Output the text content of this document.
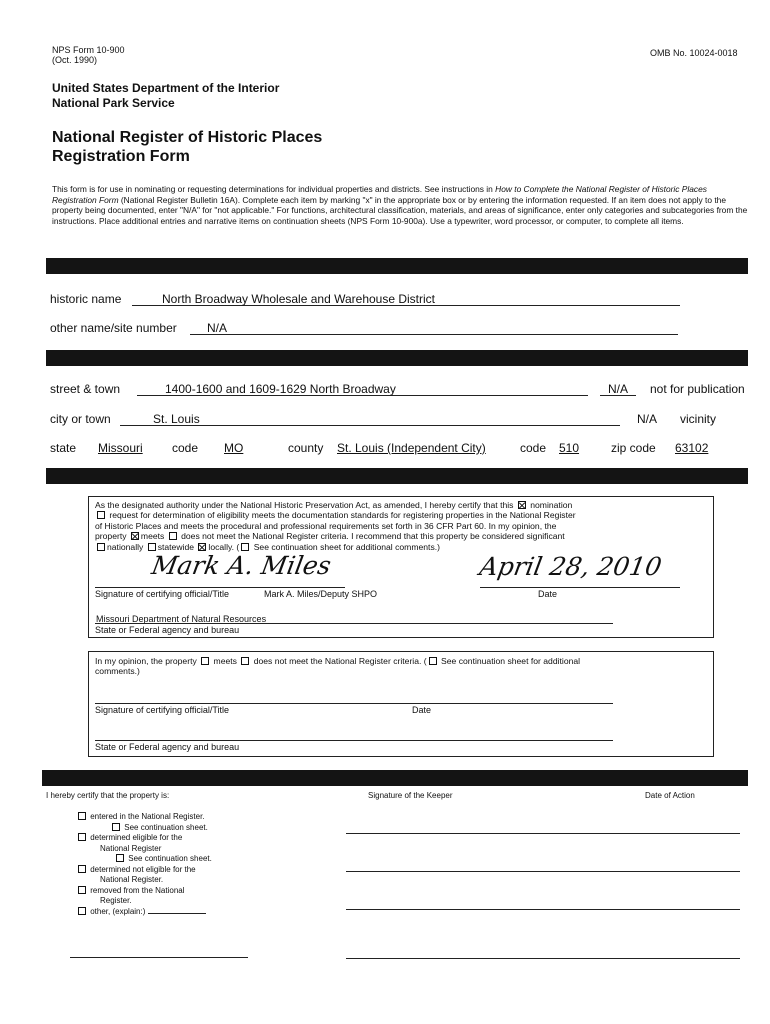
NPS Form 10-900
(Oct. 1990)
OMB No. 10024-0018
United States Department of the Interior
National Park Service
National Register of Historic Places
Registration Form
This form is for use in nominating or requesting determinations for individual properties and districts. See instructions in How to Complete the National Register of Historic Places Registration Form (National Register Bulletin 16A). Complete each item by marking "x" in the appropriate box or by entering the information requested. If an item does not apply to the property being documented, enter "N/A" for "not applicable." For functions, architectural classification, materials, and areas of significance, enter only categories and subcategories from the instructions. Place additional entries and narrative items on continuation sheets (NPS Form 10-900a). Use a typewriter, word processor, or computer, to complete all items.
historic name	North Broadway Wholesale and Warehouse District
other name/site number	N/A
street & town	1400-1600 and 1609-1629 North Broadway	N/A not for publication
city or town	St. Louis	N/A vicinity
state Missouri code MO	county St. Louis (Independent City)	code 510	zip code 63102
As the designated authority under the National Historic Preservation Act, as amended, I hereby certify that this nomination
request for determination of eligibility meets the documentation standards for registering properties in the National Register
of Historic Places and meets the procedural and professional requirements set forth in 36 CFR Part 60. In my opinion, the
property meets does not meet the National Register criteria. I recommend that this property be considered significant
nationally statewide locally. ( See continuation sheet for additional comments.)
Mark A. Miles	April 28, 2010
Signature of certifying official/Title	Mark A. Miles/Deputy SHPO	Date
Missouri Department of Natural Resources
State or Federal agency and bureau
In my opinion, the property meets does not meet the National Register criteria. ( See continuation sheet for additional
comments.)
Signature of certifying official/Title	Date
State or Federal agency and bureau
I hereby certify that the property is:	Signature of the Keeper	Date of Action
entered in the National Register.
See continuation sheet.
determined eligible for the
National Register
See continuation sheet.
determined not eligible for the
National Register.
removed from the National
Register.
other, (explain:)
